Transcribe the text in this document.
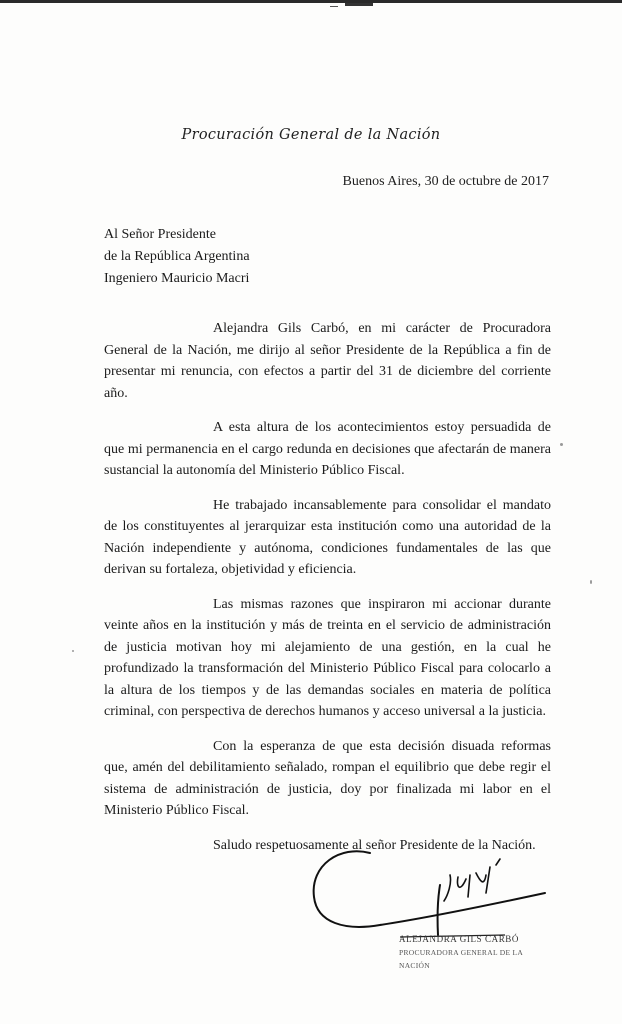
Procuración General de la Nación
Buenos Aires, 30 de octubre de 2017
Al Señor Presidente
de la República Argentina
Ingeniero Mauricio Macri

Alejandra Gils Carbó, en mi carácter de Procuradora General de la Nación, me dirijo al señor Presidente de la República a fin de presentar mi renuncia, con efectos a partir del 31 de diciembre del corriente año.

A esta altura de los acontecimientos estoy persuadida de que mi permanencia en el cargo redunda en decisiones que afectarán de manera sustancial la autonomía del Ministerio Público Fiscal.

He trabajado incansablemente para consolidar el mandato de los constituyentes al jerarquizar esta institución como una autoridad de la Nación independiente y autónoma, condiciones fundamentales de las que derivan su fortaleza, objetividad y eficiencia.

Las mismas razones que inspiraron mi accionar durante veinte años en la institución y más de treinta en el servicio de administración de justicia motivan hoy mi alejamiento de una gestión, en la cual he profundizado la transformación del Ministerio Público Fiscal para colocarlo a la altura de los tiempos y de las demandas sociales en materia de política criminal, con perspectiva de derechos humanos y acceso universal a la justicia.

Con la esperanza de que esta decisión disuada reformas que, amén del debilitamiento señalado, rompan el equilibrio que debe regir el sistema de administración de justicia, doy por finalizada mi labor en el Ministerio Público Fiscal.

Saludo respetuosamente al señor Presidente de la Nación.

ALEJANDRA GILS CARBÓ
PROCURADORA GENERAL DE LA NACIÓN
